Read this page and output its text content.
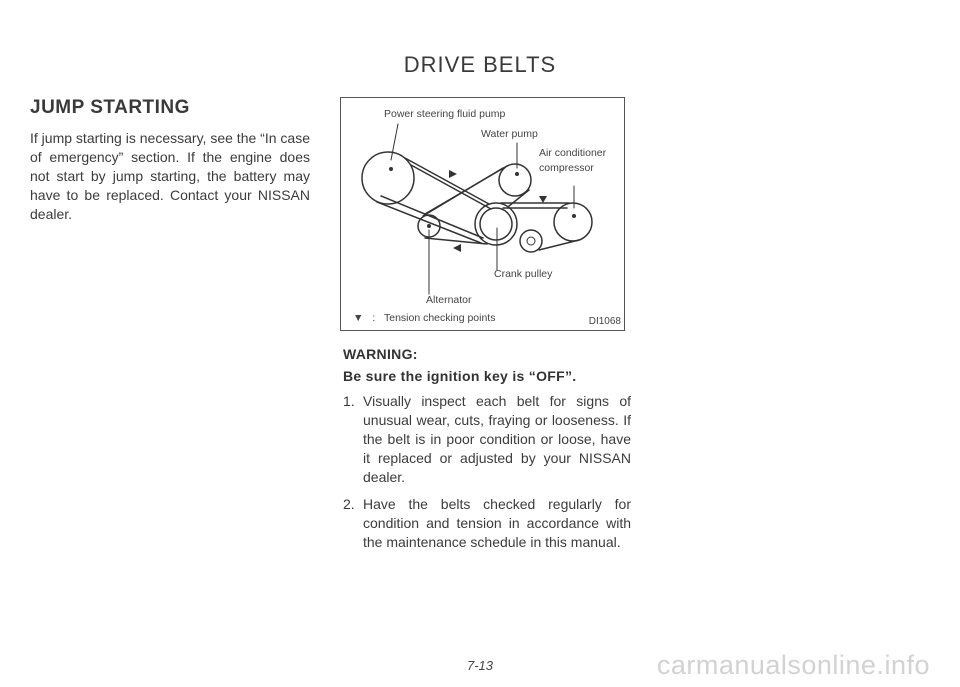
DRIVE BELTS
JUMP STARTING

If jump starting is necessary, see the “In case of emergency” section. If the engine does not start by jump starting, the battery may have to be replaced. Contact your NISSAN dealer.

Power steering fluid pump
Water pump
Air conditioner
compressor
Crank pulley
Alternator
▼ : Tension checking points	DI1068
WARNING:
Be sure the ignition key is “OFF”.
1. Visually inspect each belt for signs of unusual wear, cuts, fraying or looseness. If the belt is in poor condition or loose, have it replaced or adjusted by your NISSAN dealer.
2. Have the belts checked regularly for condition and tension in accordance with the maintenance schedule in this manual.
7-13	carmanualsonline.info
